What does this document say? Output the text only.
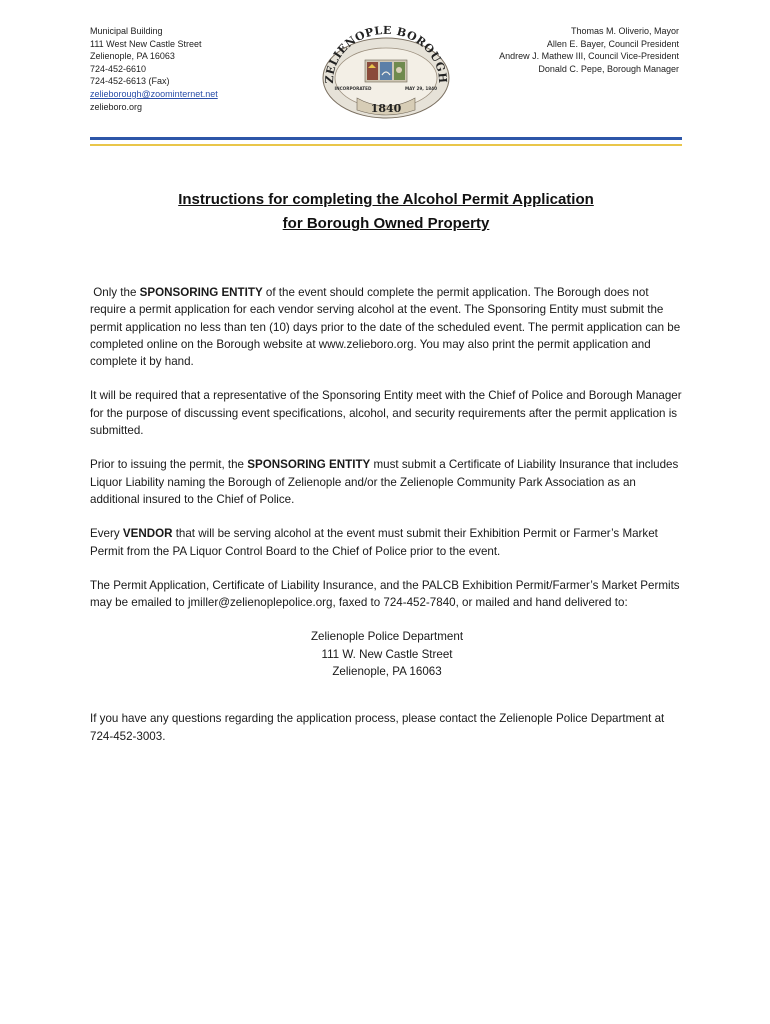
Municipal Building
111 West New Castle Street
Zelienople, PA 16063
724-452-6610
724-452-6613 (Fax)
zelieborough@zoominternet.net
zelieboro.org
ZELIENOPLE BOROUGH
INCORPORATED	MAY 29, 1840
1840
Thomas M. Oliverio, Mayor
Allen E. Bayer, Council President
Andrew J. Mathew III, Council Vice-President
Donald C. Pepe, Borough Manager
Instructions for completing the Alcohol Permit Application
for Borough Owned Property

Only the SPONSORING ENTITY of the event should complete the permit application. The Borough does not require a permit application for each vendor serving alcohol at the event. The Sponsoring Entity must submit the permit application no less than ten (10) days prior to the date of the scheduled event. The permit application can be completed online on the Borough website at www.zelieboro.org. You may also print the permit application and complete it by hand.

It will be required that a representative of the Sponsoring Entity meet with the Chief of Police and Borough Manager for the purpose of discussing event specifications, alcohol, and security requirements after the permit application is submitted.

Prior to issuing the permit, the SPONSORING ENTITY must submit a Certificate of Liability Insurance that includes Liquor Liability naming the Borough of Zelienople and/or the Zelienople Community Park Association as an additional insured to the Chief of Police.

Every VENDOR that will be serving alcohol at the event must submit their Exhibition Permit or Farmer’s Market Permit from the PA Liquor Control Board to the Chief of Police prior to the event.

The Permit Application, Certificate of Liability Insurance, and the PALCB Exhibition Permit/Farmer’s Market Permits may be emailed to jmiller@zelienoplepolice.org, faxed to 724-452-7840, or mailed and hand delivered to:

Zelienople Police Department
111 W. New Castle Street
Zelienople, PA 16063

If you have any questions regarding the application process, please contact the Zelienople Police Department at 724-452-3003.
